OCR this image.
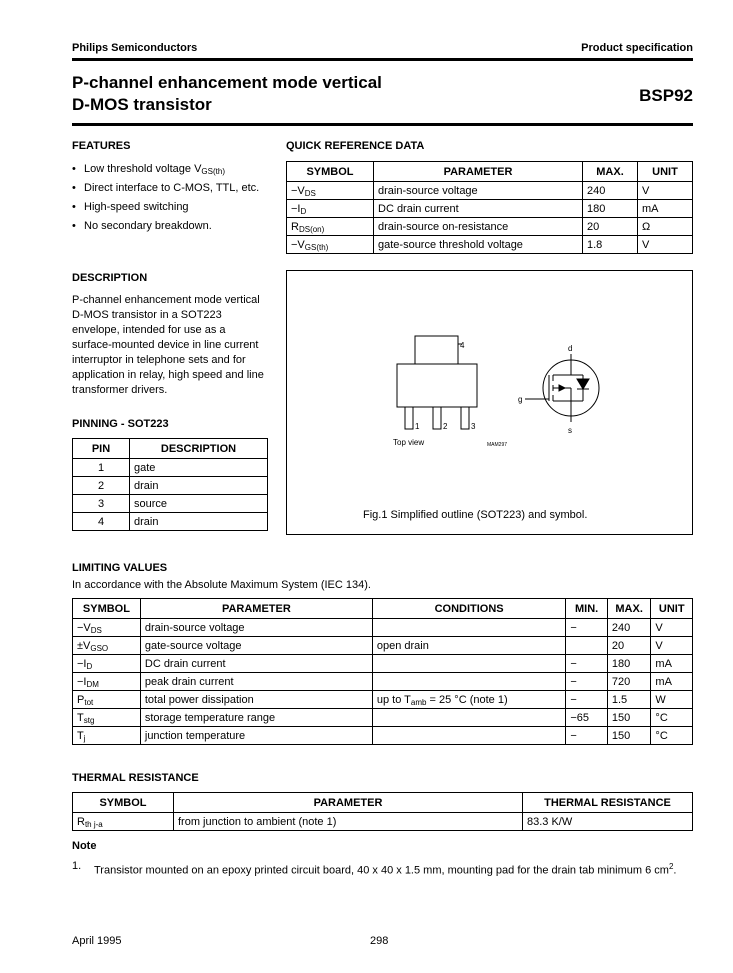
Philips Semiconductors	Product specification
P-channel enhancement mode vertical
D-MOS transistor	BSP92
FEATURES
• Low threshold voltage $V_{GS(th)}$
• Direct interface to C-MOS, TTL, etc.
• High-speed switching
• No secondary breakdown.
DESCRIPTION
P-channel enhancement mode vertical D-MOS transistor in a SOT223 envelope, intended for use as a surface-mounted device in line current interruptor in telephone sets and for application in relay, high speed and line transformer drivers.
PINNING - SOT223
PIN	DESCRIPTION
1	gate
2	drain
3	source
4	drain
QUICK REFERENCE DATA
SYMBOL	PARAMETER	MAX.	UNIT
$-V_{DS}$	drain-source voltage	240	V
$-I_D$	DC drain current	180	mA
$R_{DS(on)}$	drain-source on-resistance	20	Ω
$-V_{GS(th)}$	gate-source threshold voltage	1.8	V
4
1	2	3
Top view	MAM297
d
g
s
Fig.1 Simplified outline (SOT223) and symbol.
LIMITING VALUES
In accordance with the Absolute Maximum System (IEC 134).
SYMBOL	PARAMETER	CONDITIONS	MIN.	MAX.	UNIT
$-V_{DS}$	drain-source voltage		−	240	V
$\pm V_{GSO}$	gate-source voltage	open drain		20	V
$-I_D$	DC drain current		−	180	mA
$-I_{DM}$	peak drain current		−	720	mA
$P_{tot}$	total power dissipation	up to $T_{amb} = 25$ °C (note 1)	−	1.5	W
$T_{stg}$	storage temperature range		−65	150	°C
$T_j$	junction temperature		−	150	°C
THERMAL RESISTANCE
SYMBOL	PARAMETER	THERMAL RESISTANCE
$R_{th j-a}$	from junction to ambient (note 1)	83.3 K/W
Note
1. Transistor mounted on an epoxy printed circuit board, 40 x 40 x 1.5 mm, mounting pad for the drain tab minimum 6 $cm^2$.
April 1995	298
